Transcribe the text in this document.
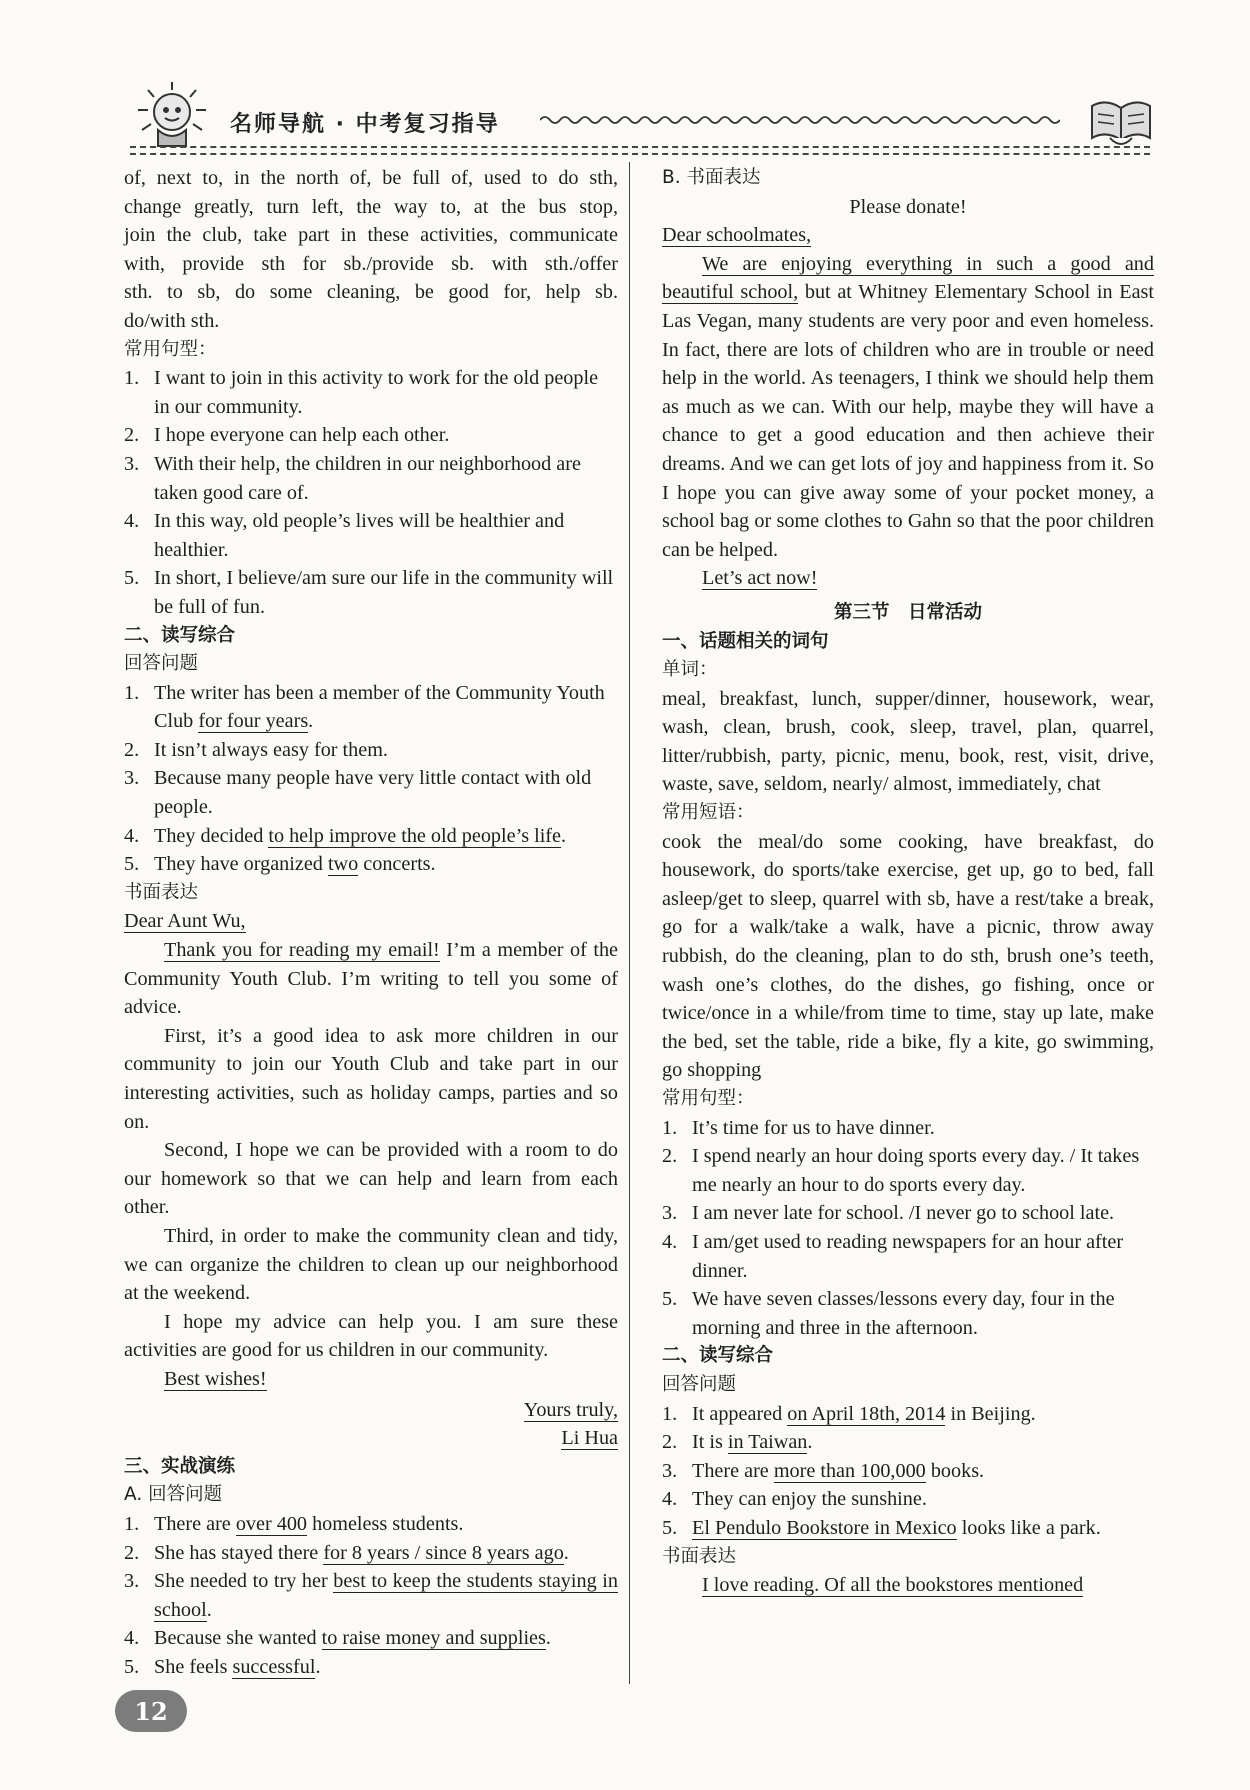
名师导航 · 中考复习指导

of, next to, in the north of, be full of, used to do sth,

change greatly, turn left, the way to, at the bus stop,

join the club, take part in these activities, communicate

with, provide sth for sb./provide sb. with sth./offer

sth. to sb, do some cleaning, be good for, help sb.

do/with sth.

常用句型：

1. I want to join in this activity to work for the old people in our community.
2. I hope everyone can help each other.
3. With their help, the children in our neighborhood are taken good care of.
4. In this way, old people’s lives will be healthier and healthier.
5. In short, I believe/am sure our life in the community will be full of fun.

二、读写综合

回答问题

1. The writer has been a member of the Community Youth Club for four years.
2. It isn’t always easy for them.
3. Because many people have very little contact with old people.
4. They decided to help improve the old people’s life.
5. They have organized two concerts.

书面表达

Dear Aunt Wu,

Thank you for reading my email! I’m a member of the Community Youth Club. I’m writing to tell you some of advice.

First, it’s a good idea to ask more children in our community to join our Youth Club and take part in our interesting activities, such as holiday camps, parties and so on.

Second, I hope we can be provided with a room to do our homework so that we can help and learn from each other.

Third, in order to make the community clean and tidy, we can organize the children to clean up our neighborhood at the weekend.

I hope my advice can help you. I am sure these activities are good for us children in our community.

Best wishes!

Yours truly,

Li Hua

三、实战演练

A. 回答问题

1. There are over 400 homeless students.
2. She has stayed there for 8 years / since 8 years ago.
3. She needed to try her best to keep the students staying in school.
4. Because she wanted to raise money and supplies.
5. She feels successful.

B. 书面表达

Please donate!

Dear schoolmates,

We are enjoying everything in such a good and beautiful school, but at Whitney Elementary School in East Las Vegan, many students are very poor and even homeless. In fact, there are lots of children who are in trouble or need help in the world. As teenagers, I think we should help them as much as we can. With our help, maybe they will have a chance to get a good education and then achieve their dreams. And we can get lots of joy and happiness from it. So I hope you can give away some of your pocket money, a school bag or some clothes to Gahn so that the poor children can be helped.

Let’s act now!

第三节　日常活动

一、话题相关的词句

单词：

meal, breakfast, lunch, supper/dinner, housework, wear, wash, clean, brush, cook, sleep, travel, plan, quarrel, litter/rubbish, party, picnic, menu, book, rest, visit, drive, waste, save, seldom, nearly/ almost, immediately, chat

常用短语：

cook the meal/do some cooking, have breakfast, do housework, do sports/take exercise, get up, go to bed, fall asleep/get to sleep, quarrel with sb, have a rest/take a break, go for a walk/take a walk, have a picnic, throw away rubbish, do the cleaning, plan to do sth, brush one’s teeth, wash one’s clothes, do the dishes, go fishing, once or twice/once in a while/from time to time, stay up late, make the bed, set the table, ride a bike, fly a kite, go swimming, go shopping

常用句型：

1. It’s time for us to have dinner.
2. I spend nearly an hour doing sports every day. / It takes me nearly an hour to do sports every day.
3. I am never late for school. /I never go to school late.
4. I am/get used to reading newspapers for an hour after dinner.
5. We have seven classes/lessons every day, four in the morning and three in the afternoon.

二、读写综合

回答问题

1. It appeared on April 18th, 2014 in Beijing.
2. It is in Taiwan.
3. There are more than 100,000 books.
4. They can enjoy the sunshine.
5. El Pendulo Bookstore in Mexico looks like a park.

书面表达

I love reading. Of all the bookstores mentioned

12
